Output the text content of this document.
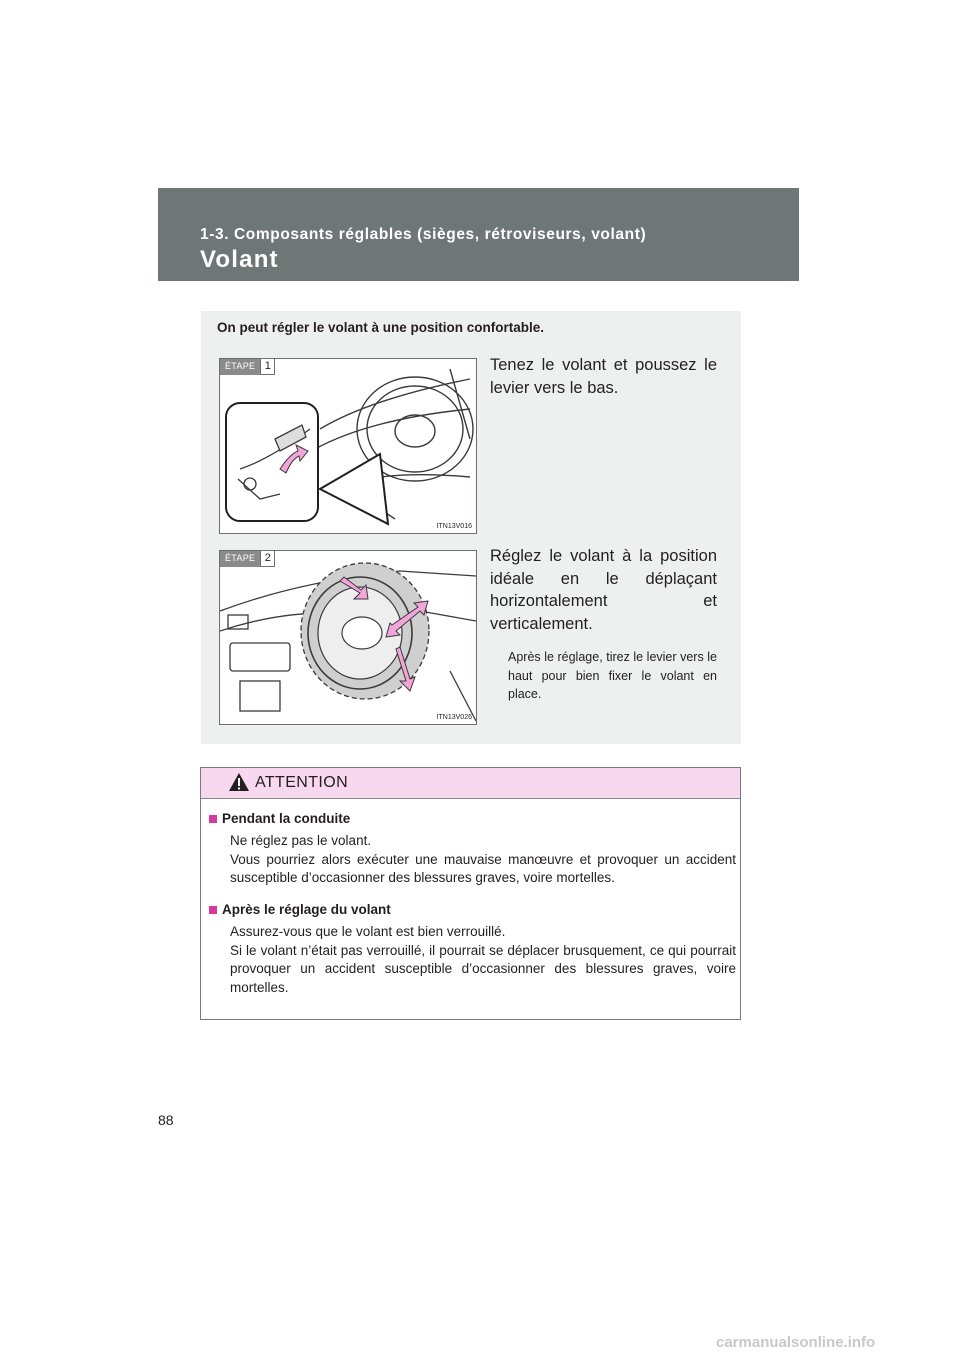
1-3. Composants réglables (sièges, rétroviseurs, volant)
Volant
On peut régler le volant à une position confortable.
ÉTAPE 1
ITN13V016
Tenez le volant et poussez le levier vers le bas.
ÉTAPE 2
ITN13V026
Réglez le volant à la position idéale en le déplaçant horizontalement et verticalement.
Après le réglage, tirez le levier vers le haut pour bien fixer le volant en place.
ATTENTION
Pendant la conduite
Ne réglez pas le volant.
Vous pourriez alors exécuter une mauvaise manœuvre et provoquer un accident susceptible d’occasionner des blessures graves, voire mortelles.
Après le réglage du volant
Assurez-vous que le volant est bien verrouillé.
Si le volant n’était pas verrouillé, il pourrait se déplacer brusquement, ce qui pourrait provoquer un accident susceptible d’occasionner des blessures graves, voire mortelles.
88
carmanualsonline.info
